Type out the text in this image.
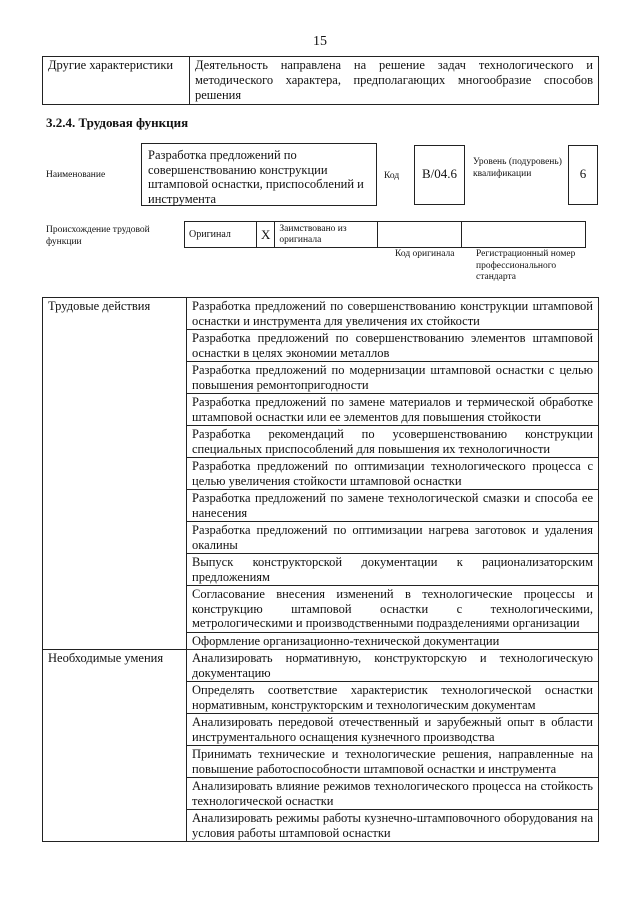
15
Другие характеристики	Деятельность направлена на решение задач технологического и методического характера, предполагающих многообразие способов решения
3.2.4. Трудовая функция
Наименование
Разработка предложений по совершенствованию конструкции штамповой оснастки, приспособлений и инструмента
Код	B/04.6
Уровень (подуровень) квалификации	6
Происхождение трудовой функции
Оригинал	X	Заимствовано из оригинала		
Код оригинала Регистрационный номер профессионального стандарта
Трудовые действия	Разработка предложений по совершенствованию конструкции штамповой оснастки и инструмента для увеличения их стойкости
	Разработка предложений по совершенствованию элементов штамповой оснастки в целях экономии металлов
	Разработка предложений по модернизации штамповой оснастки с целью повышения ремонтопригодности
	Разработка предложений по замене материалов и термической обработке штамповой оснастки или ее элементов для повышения стойкости
	Разработка рекомендаций по усовершенствованию конструкции специальных приспособлений для повышения их технологичности
	Разработка предложений по оптимизации технологического процесса с целью увеличения стойкости штамповой оснастки
	Разработка предложений по замене технологической смазки и способа ее нанесения
	Разработка предложений по оптимизации нагрева заготовок и удаления окалины
	Выпуск конструкторской документации к рационализаторским предложениям
	Согласование внесения изменений в технологические процессы и конструкцию штамповой оснастки с технологическими, метрологическими и производственными подразделениями организации
	Оформление организационно-технической документации
Необходимые умения	Анализировать нормативную, конструкторскую и технологическую документацию
	Определять соответствие характеристик технологической оснастки нормативным, конструкторским и технологическим документам
	Анализировать передовой отечественный и зарубежный опыт в области инструментального оснащения кузнечного производства
	Принимать технические и технологические решения, направленные на повышение работоспособности штамповой оснастки и инструмента
	Анализировать влияние режимов технологического процесса на стойкость технологической оснастки
	Анализировать режимы работы кузнечно-штамповочного оборудования на условия работы штамповой оснастки
